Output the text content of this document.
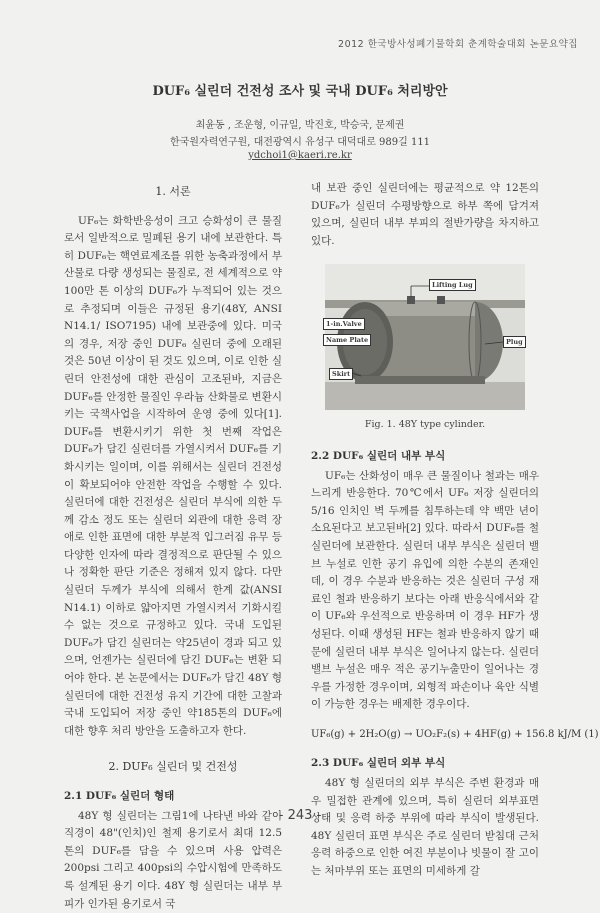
2012 한국방사성폐기물학회 춘계학술대회 논문요약집
DUF₆ 실린더 건전성 조사 및 국내 DUF₆ 처리방안
최윤동 , 조운형, 이규일, 박진호, 박승국, 문제권
한국원자력연구원, 대전광역시 유성구 대덕대로 989길 111
ydchoi1@kaeri.re.kr
1. 서론

UF₆는 화학반응성이 크고 승화성이 큰 물질로서 일반적으로 밀폐된 용기 내에 보관한다. 특히 DUF₆는 핵연료제조를 위한 농축과정에서 부산물로 다량 생성되는 물질로, 전 세계적으로 약100만 톤 이상의 DUF₆가 누적되어 있는 것으로 추정되며 이들은 규정된 용기(48Y, ANSI N14.1/ ISO7195) 내에 보관중에 있다. 미국의 경우, 저장 중인 DUF₆ 실린더 중에 오래된 것은 50년 이상이 된 것도 있으며, 이로 인한 실린더 안전성에 대한 관심이 고조된바, 지금은 DUF₆를 안정한 물질인 우라늄 산화물로 변환시키는 국책사업을 시작하여 운영 중에 있다[1]. DUF₆를 변환시키기 위한 첫 번째 작업은 DUF₆가 담긴 실린더를 가열시켜서 DUF₆를 기화시키는 일이며, 이를 위해서는 실린더 건전성이 확보되어야 안전한 작업을 수행할 수 있다. 실린더에 대한 건전성은 실린더 부식에 의한 두께 감소 정도 또는 실린더 외관에 대한 응력 장애로 인한 표면에 대한 부분적 입그러짐 유무 등 다양한 인자에 따라 결정적으로 판단될 수 있으나 정확한 판단 기준은 정해져 있지 않다. 다만 실린더 두께가 부식에 의해서 한계 값(ANSI N14.1) 이하로 얇아지면 가열시켜서 기화시킬 수 없는 것으로 규정하고 있다. 국내 도입된 DUF₆가 담긴 실린더는 약25년이 경과 되고 있으며, 언젠가는 실린더에 담긴 DUF₆는 변환 되어야 한다. 본 논문에서는 DUF₆가 담긴 48Y 형 실린더에 대한 건전성 유지 기간에 대한 고찰과 국내 도입되어 저장 중인 약185톤의 DUF₆에 대한 향후 처리 방안을 도출하고자 한다.

2. DUF₆ 실린더 및 건전성
2.1 DUF₆ 실린더 형태

48Y 형 실린더는 그림1에 나타낸 바와 같이 직경이 48"(인치)인 철제 용기로서 최대 12.5톤의 DUF₆를 담을 수 있으며 사용 압력은 200psi 그리고 400psi의 수압시험에 만족하도록 설계된 용기 이다. 48Y 형 실린더는 내부 부피가 인가된 용기로서 국

내 보관 중인 실린더에는 평균적으로 약 12톤의 DUF₆가 실린더 수평방향으로 하부 쪽에 담겨져 있으며, 실린더 내부 부피의 절반가량을 차지하고 있다.

Lifting Lug
1-in.Valve
Name Plate
Skirt
Plug
Fig. 1. 48Y type cylinder.
2.2 DUF₆ 실린더 내부 부식

UF₆는 산화성이 매우 큰 물질이나 철과는 매우 느리게 반응한다. 70℃에서 UF₆ 저장 실린더의 5/16 인치인 벽 두께를 침투하는데 약 백만 년이 소요된다고 보고된바[2] 있다. 따라서 DUF₆를 철 실린더에 보관한다. 실린더 내부 부식은 실린더 밸브 누설로 인한 공기 유입에 의한 수분의 존재인데, 이 경우 수분과 반응하는 것은 실린더 구성 재료인 철과 반응하기 보다는 아래 반응식에서와 같이 UF₆와 우선적으로 반응하며 이 경우 HF가 생성된다. 이때 생성된 HF는 철과 반응하지 않기 때문에 실린더 내부 부식은 일어나지 않는다. 실린더 밸브 누설은 매우 적은 공기누출만이 일어나는 경우를 가정한 경우이며, 외형적 파손이나 육안 식별이 가능한 경우는 배제한 경우이다.

UF₆(g) + 2H₂O(g) → UO₂F₂(s) + 4HF(g) + 156.8 kJ/M (1)
2.3 DUF₆ 실린더 외부 부식

48Y 형 실린더의 외부 부식은 주변 환경과 매우 밀접한 관계에 있으며, 특히 실린더 외부표면 상태 및 응력 하중 부위에 따라 부식이 발생된다. 48Y 실린더 표면 부식은 주로 실린더 받침대 근처 응력 하중으로 인한 여진 부분이나 빗물이 잘 고이는 처마부위 또는 표면의 미세하게 갈

- 243 -
